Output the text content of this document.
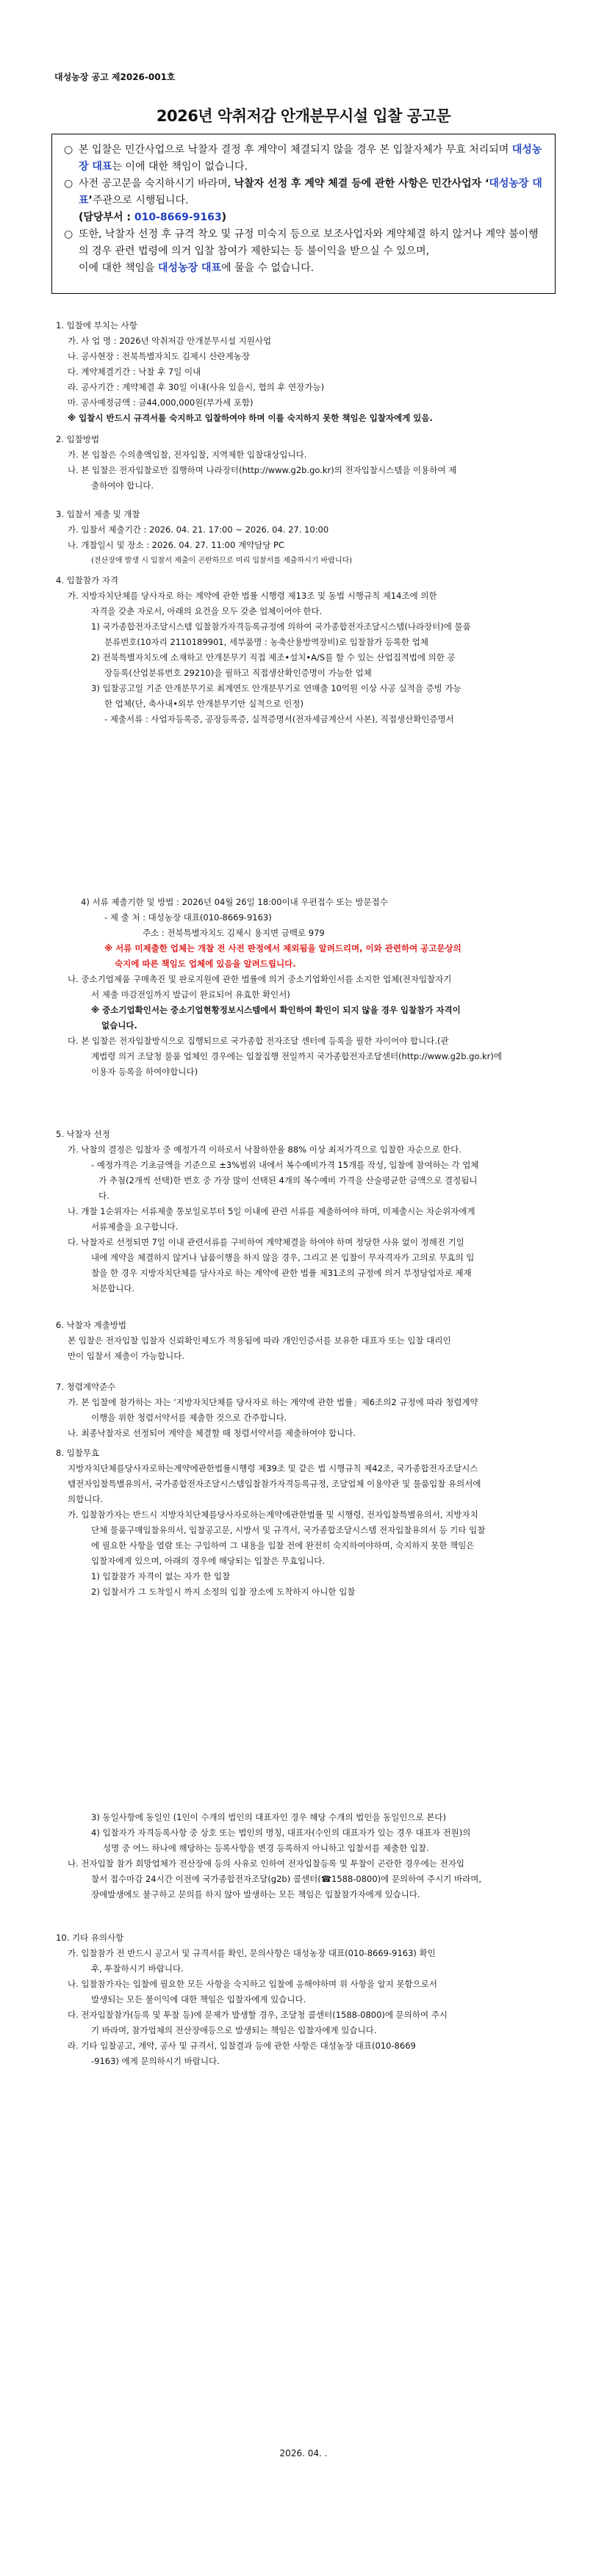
대성농장 공고 제2026-001호
2026년 악취저감 안개분무시설 입찰 공고문
○ 본 입찰은 민간사업으로 낙찰자 결정 후 계약이 체결되지 않을 경우 본 입찰자체가 무효 처리되며 대성농장 대표는 이에 대한 책임이 없습니다.
○ 사전 공고문을 숙지하시기 바라며, 낙찰자 선정 후 계약 체결 등에 관한 사항은 민간사업자 ‘대성농장 대표’주관으로 시행됩니다.
(담당부서 : 010-8669-9163)
○ 또한, 낙찰자 선정 후 규격 착오 및 규정 미숙지 등으로 보조사업자와 계약체결 하지 않거나 계약 불이행의 경우 관련 법령에 의거 입찰 참여가 제한되는 등 불이익을 받으실 수 있으며,
이에 대한 책임을 대성농장 대표에 물을 수 없습니다.
1. 입찰에 부치는 사항
가. 사 업 명 : 2026년 악취저감 안개분무시설 지원사업
나. 공사현장 : 전북특별자치도 김제시 산란계농장
다. 계약체결기간 : 낙찰 후 7일 이내
라. 공사기간 : 계약체결 후 30일 이내(사유 있을시, 협의 후 연장가능)
마. 공사예정금액 : 금44,000,000원(부가세 포함)
※ 입찰시 반드시 규격서를 숙지하고 입찰하여야 하며 이를 숙지하지 못한 책임은 입찰자에게 있음.
2. 입찰방법
가. 본 입찰은 수의총액입찰, 전자입찰, 지역제한 입찰대상입니다.
나. 본 입찰은 전자입찰로만 집행하며 나라장터(http://www.g2b.go.kr)의 전자입찰시스템을 이용하여 제
출하여야 합니다.
3. 입찰서 제출 및 개찰
가. 입찰서 제출기간 : 2026. 04. 21. 17:00 ~ 2026. 04. 27. 10:00
나. 개찰일시 및 장소 : 2026. 04. 27. 11:00 계약담당 PC
(전산장애 발생 시 입찰서 제출이 곤란하므로 미리 입찰서를 제출하시기 바랍니다)
4. 입찰참가 자격
가. 지방자치단체를 당사자로 하는 계약에 관한 법률 시행령 제13조 및 동법 시행규칙 제14조에 의한
자격을 갖춘 자로서, 아래의 요건을 모두 갖춘 업체이어야 한다.
1) 국가종합전자조달시스템 입찰참가자격등록규정에 의하여 국가종합전자조달시스템(나라장터)에 물품
분류번호(10자리 2110189901, 세부품명 : 농축산용방역장비)로 입찰참가 등록한 업체
2) 전북특별자치도에 소재하고 안개분무기 직접 제조•설치•A/S를 할 수 있는 산업집적법에 의한 공
장등록(산업분류번호 29210)을 필하고 직접생산확인증명이 가능한 업체
3) 입찰공고일 기준 안개분무기로 최계연도 안개분무기로 연매출 10억원 이상 사공 실적을 증빙 가능
한 업체(단, 축사내•외부 안개분무기만 실적으로 인정)
- 제출서류 : 사업자등록증, 공장등록증, 실적증명서(전자세금계산서 사본), 직접생산확인증명서
4) 서류 제출기한 및 방법 : 2026년 04월 26일 18:00이내 우편접수 또는 방문접수
- 제 출 처 : 대성농장 대표(010-8669-9163)
주소 : 전북특별자치도 김제시 용지면 금백로 979
※ 서류 미제출한 업체는 개찰 전 사전 판정에서 제외됨을 알려드리며, 이와 관련하여 공고문상의
숙지에 따른 책임도 업체에 있음을 알려드립니다.
나. 중소기업제품 구매촉진 및 판로지원에 관한 법률에 의거 중소기업확인서를 소지한 업체(전자입찰자기
서 제출 마감전일까지 발급이 완료되어 유효한 확인서)
※ 중소기업확인서는 중소기업현황정보시스템에서 확인하여 확인이 되지 않을 경우 입찰참가 자격이
없습니다.
다. 본 입찰은 전자입찰방식으로 집행되므로 국가종합 전자조달 센터에 등록을 필한 자이어야 합니다.(관
계법령 의거 조달청 물품 업체인 경우에는 입찰집행 전일까지 국가종합전자조달센터(http://www.g2b.go.kr)에
이용자 등록을 하여야합니다)
5. 낙찰자 선정
가. 낙찰의 결정은 입찰자 중 예정가격 이하로서 낙찰하한율 88% 이상 최저가격으로 입찰한 자순으로 한다.
- 예정가격은 기초금액을 기준으로 ±3%범위 내에서 복수예비가격 15개를 작성, 입찰에 참여하는 각 업체
가 추첨(2개씩 선택)한 번호 중 가장 많이 선택된 4개의 복수예비 가격을 산술평균한 금액으로 결정됩니
다.
나. 개찰 1순위자는 서류제출 통보일로부터 5일 이내에 관련 서류를 제출하여야 하며, 미제출시는 차순위자에게
서류제출을 요구합니다.
다. 낙찰자로 선정되면 7일 이내 관련서류를 구비하여 계약체결을 하여야 하며 정당한 사유 없이 정해진 기일
내에 계약을 체결하지 않거나 납품이행을 하지 않을 경우, 그리고 본 입찰이 무자격자가 고의로 무효의 입
찰을 한 경우 지방자치단체를 당사자로 하는 계약에 관한 법률 제31조의 규정에 의거 부정당업자로 제재
처분합니다.
6. 낙찰자 계출방법
본 입찰은 전자입찰 입찰자 신뢰확인제도가 적용됨에 따라 개인인증서를 보유한 대표자 또는 입찰 대리인
만이 입찰서 제출이 가능합니다.
7. 청렴계약준수
가. 본 입찰에 참가하는 자는 ‘지방자치단체를 당사자로 하는 계약에 관한 법률」제6조의2 규정에 따라 청렴계약
이행을 위한 청렴서약서를 제출한 것으로 간주합니다.
나. 최종낙찰자로 선정되어 계약을 체결할 때 청렴서약서를 제출하여야 합니다.
8. 입찰무효
지방자치단체를당사자로하는계약에관한법률시행령 제39조 및 같은 법 시행규칙 제42조, 국가종합전자조달시스
템전자입찰특별유의서, 국가종합전자조달시스템입찰참가자격등록규정, 조달업체 이용약관 및 물품입찰 유의서에
의합니다.
가. 입찰참가자는 반드시 지방자치단체를당사자로하는계약에관한법률 및 시행령, 전자입찰특별유의서, 지방자치
단체 물품구매입찰유의서, 입찰공고문, 시방서 및 규격서, 국가종합조달시스템 전자입찰유의서 등 기타 입찰
에 필요한 사항을 열람 또는 구입하여 그 내용을 입찰 전에 완전히 숙지하여야하며, 숙지하지 못한 책임은
입찰자에게 있으며, 아래의 경우에 해당되는 입찰은 무효입니다.
1) 입찰참가 자격이 없는 자가 한 입찰
2) 입찰서가 그 도착일시 까지 소정의 입찰 장소에 도착하지 아니한 입찰
3) 동일사항에 동일인 (1인이 수개의 법인의 대표자인 경우 해당 수개의 법인을 동일인으로 본다)
4) 입찰자가 자격등록사항 중 상호 또는 법인의 명칭, 대표자(수인의 대표자가 있는 경우 대표자 전원)의
성명 중 어느 하나에 해당하는 등록사항을 변경 등록하지 아니하고 입찰서를 제출한 입찰.
나. 전자입찰 참가 희망업체가 전산장애 등의 사유로 인하여 전자입찰등록 및 투찰이 곤란한 경우에는 전자입
찰서 접수마감 24시간 이전에 국가종합전자조달(g2b) 콜센터(☎1588-0800)에 문의하여 주시기 바라며,
장애발생에도 불구하고 문의를 하지 않아 발생하는 모든 책임은 입찰참가자에게 있습니다.
10. 기타 유의사항
가. 입찰참가 전 반드시 공고서 및 규격서를 확인, 문의사항은 대성농장 대표(010-8669-9163) 확인
후, 투찰하시기 바랍니다.
나. 입찰참가자는 입찰에 필요한 모든 사항을 숙지하고 입찰에 응해야하며 위 사항을 알지 못함으로서
발생되는 모든 불이익에 대한 책임은 입찰자에게 있습니다.
다. 전자입찰참가(등록 및 투찰 등)에 문제가 발생할 경우, 조달청 콜센터(1588-0800)에 문의하여 주시
기 바라며, 참가업체의 전산장애등으로 발생되는 책임은 입찰자에게 있습니다.
라. 기타 입찰공고, 계약, 공사 및 규격서, 입찰결과 등에 관한 사항은 대성농장 대표(010-8669
-9163) 에게 문의하시기 바랍니다.
2026. 04. .
